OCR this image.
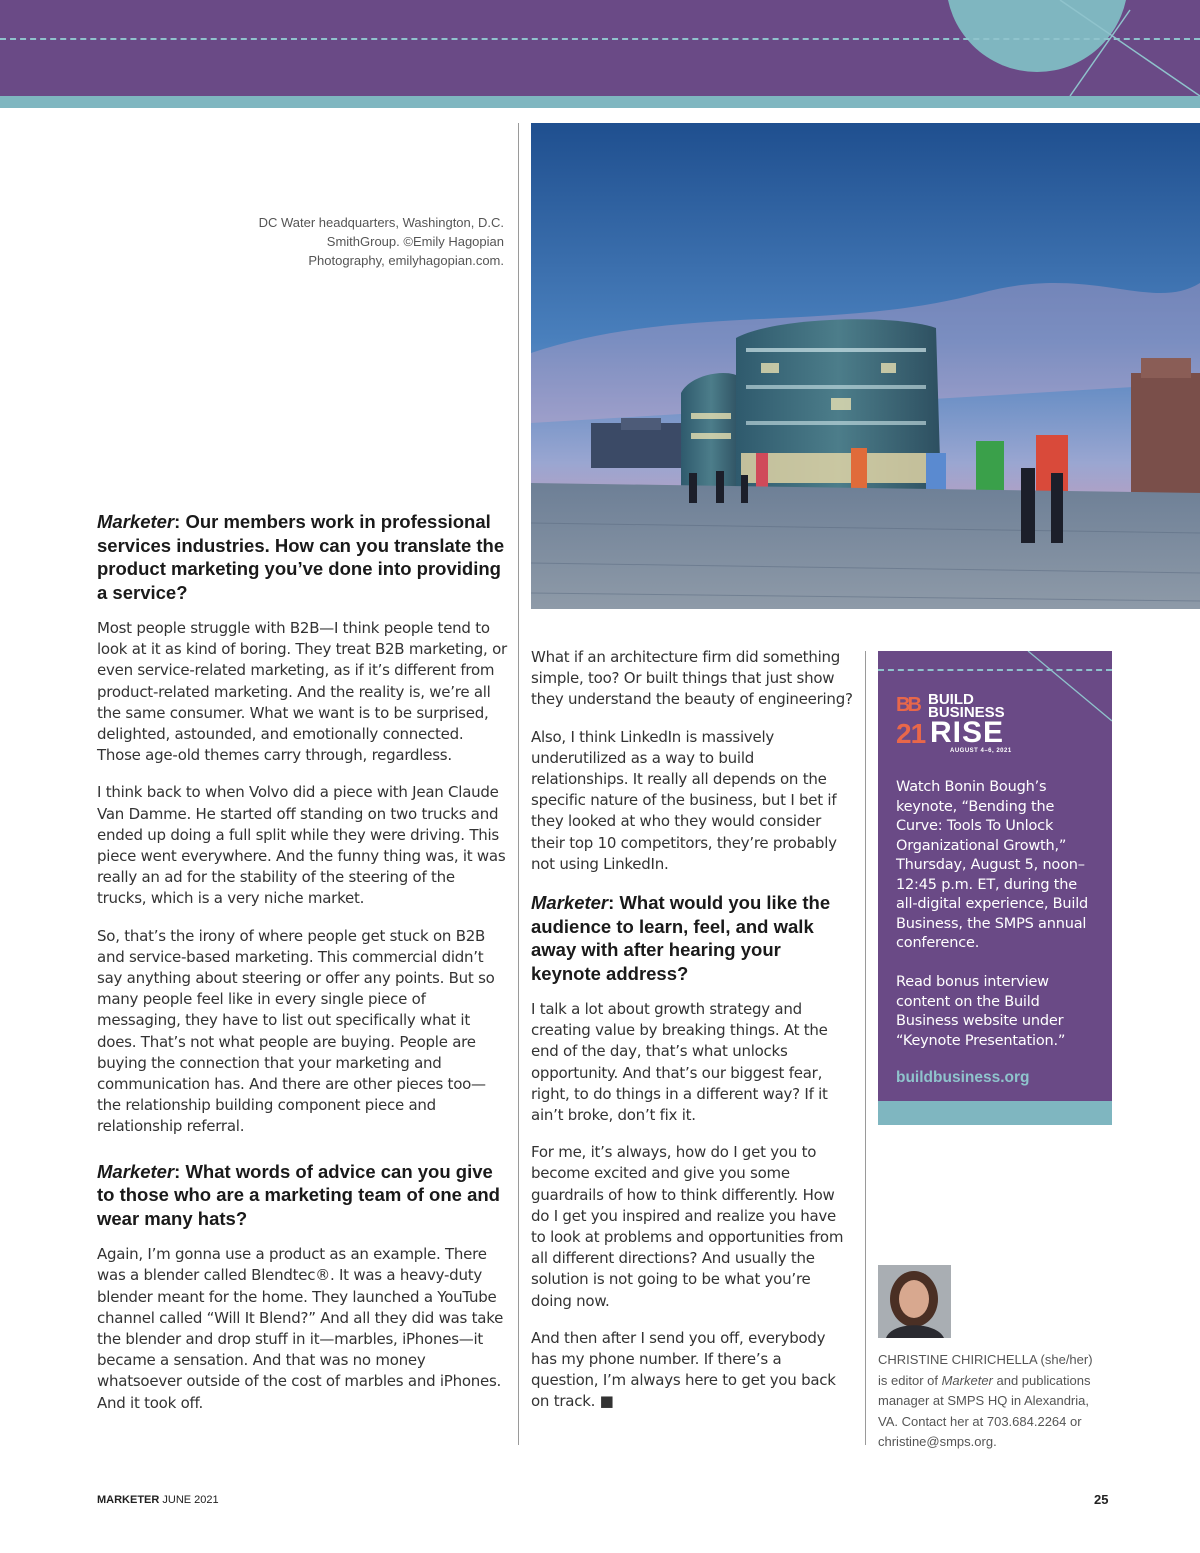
DC Water headquarters, Washington, D.C.
SmithGroup. ©Emily Hagopian
Photography, emilyhagopian.com.

Marketer: Our members work in professional services industries. How can you translate the product marketing you’ve done into providing a service?

Most people struggle with B2B—I think people tend to look at it as kind of boring. They treat B2B marketing, or even service-related marketing, as if it’s different from product-related marketing. And the reality is, we’re all the same consumer. What we want is to be surprised, delighted, astounded, and emotionally connected. Those age-old themes carry through, regardless.

I think back to when Volvo did a piece with Jean Claude Van Damme. He started off standing on two trucks and ended up doing a full split while they were driving. This piece went everywhere. And the funny thing was, it was really an ad for the stability of the steering of the trucks, which is a very niche market.

So, that’s the irony of where people get stuck on B2B and service-based marketing. This commercial didn’t say anything about steering or offer any points. But so many people feel like in every single piece of messaging, they have to list out specifically what it does. That’s not what people are buying. People are buying the connection that your marketing and communication has. And there are other pieces too—the relationship building component piece and relationship referral.

Marketer: What words of advice can you give to those who are a marketing team of one and wear many hats?

Again, I’m gonna use a product as an example. There was a blender called Blendtec®. It was a heavy-duty blender meant for the home. They launched a YouTube channel called “Will It Blend?” And all they did was take the blender and drop stuff in it—marbles, iPhones—it became a sensation. And that was no money whatsoever outside of the cost of marbles and iPhones. And it took off.

What if an architecture firm did something simple, too? Or built things that just show they understand the beauty of engineering?

Also, I think LinkedIn is massively underutilized as a way to build relationships. It really all depends on the specific nature of the business, but I bet if they looked at who they would consider their top 10 competitors, they’re probably not using LinkedIn.

Marketer: What would you like the audience to learn, feel, and walk away with after hearing your keynote address?

I talk a lot about growth strategy and creating value by breaking things. At the end of the day, that’s what unlocks opportunity. And that’s our biggest fear, right, to do things in a different way? If it ain’t broke, don’t fix it.

For me, it’s always, how do I get you to become excited and give you some guardrails of how to think differently. How do I get you inspired and realize you have to look at problems and opportunities from all different directions? And usually the solution is not going to be what you’re doing now.

And then after I send you off, everybody has my phone number. If there’s a question, I’m always here to get you back on track. ■

BB BUILD
BUSINESS
21 RISE
AUGUST 4–6, 2021
Watch Bonin Bough’s keynote, “Bending the Curve: Tools To Unlock Organizational Growth,” Thursday, August 5, noon–12:45 p.m. ET, during the all-digital experience, Build Business, the SMPS annual conference.
Read bonus interview content on the Build Business website under “Keynote Presentation.”
buildbusiness.org
CHRISTINE CHIRICHELLA (she/her) is editor of Marketer and publications manager at SMPS HQ in Alexandria, VA. Contact her at 703.684.2264 or christine@smps.org.
MARKETER JUNE 2021	25
